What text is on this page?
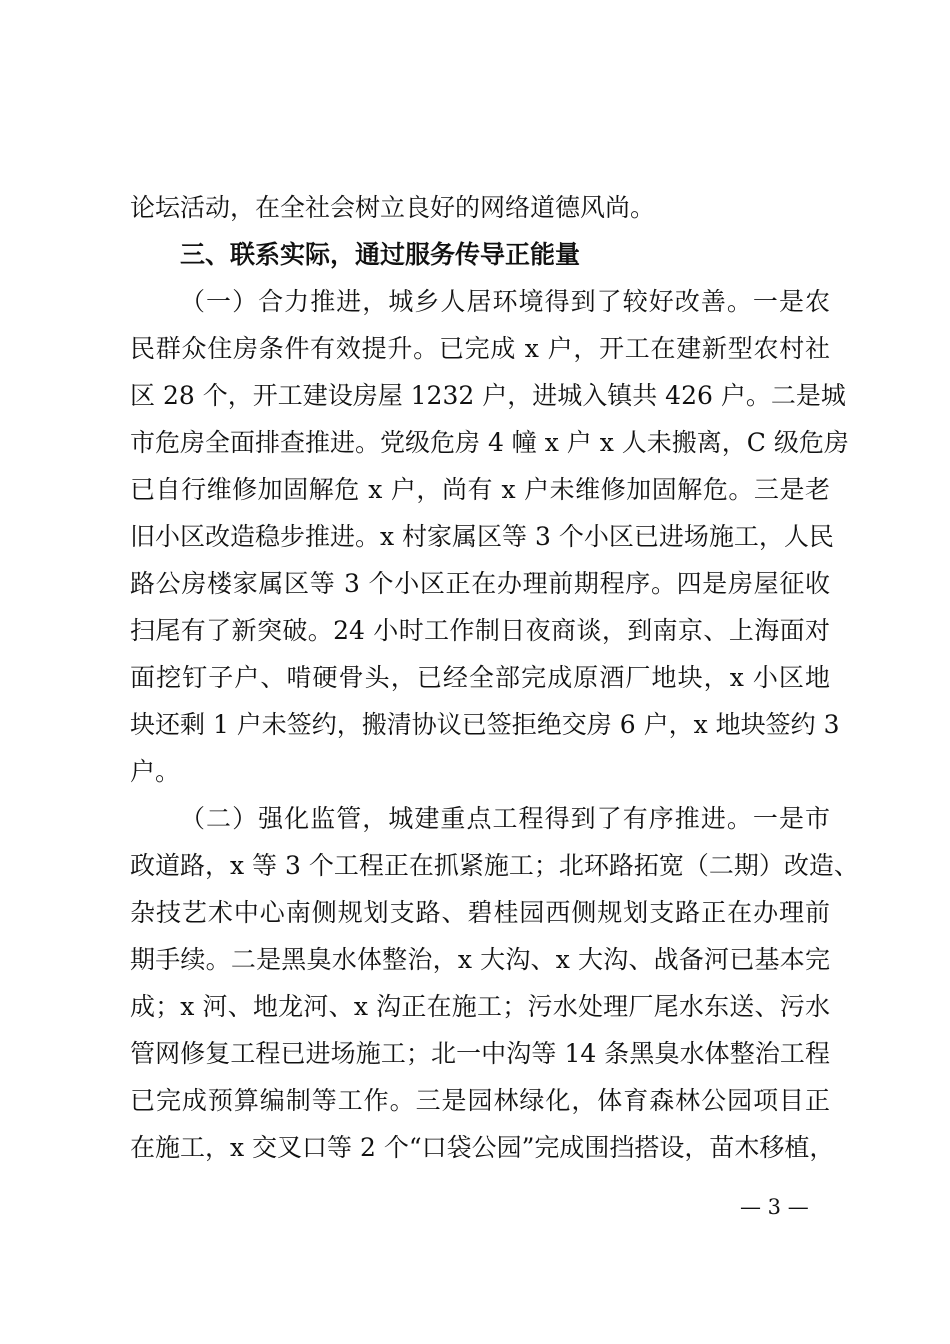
论坛活动，在全社会树立良好的网络道德风尚。
三、联系实际，通过服务传导正能量
（一）合力推进，城乡人居环境得到了较好改善。一是农
民群众住房条件有效提升。已完成 x 户，开工在建新型农村社
区 28 个，开工建设房屋 1232 户，进城入镇共 426 户。二是城
市危房全面排查推进。党级危房 4 幢 x 户 x 人未搬离，C 级危房
已自行维修加固解危 x 户，尚有 x 户未维修加固解危。三是老
旧小区改造稳步推进。x 村家属区等 3 个小区已进场施工，人民
路公房楼家属区等 3 个小区正在办理前期程序。四是房屋征收
扫尾有了新突破。24 小时工作制日夜商谈，到南京、上海面对
面挖钉子户、啃硬骨头，已经全部完成原酒厂地块，x 小区地
块还剩 1 户未签约，搬清协议已签拒绝交房 6 户，x 地块签约 3
户。
（二）强化监管，城建重点工程得到了有序推进。一是市
政道路，x 等 3 个工程正在抓紧施工；北环路拓宽（二期）改造、
杂技艺术中心南侧规划支路、碧桂园西侧规划支路正在办理前
期手续。二是黑臭水体整治，x 大沟、x 大沟、战备河已基本完
成；x 河、地龙河、x 沟正在施工；污水处理厂尾水东送、污水
管网修复工程已进场施工；北一中沟等 14 条黑臭水体整治工程
已完成预算编制等工作。三是园林绿化，体育森林公园项目正
在施工，x 交叉口等 2 个“口袋公园”完成围挡搭设，苗木移植，
— 3 —
